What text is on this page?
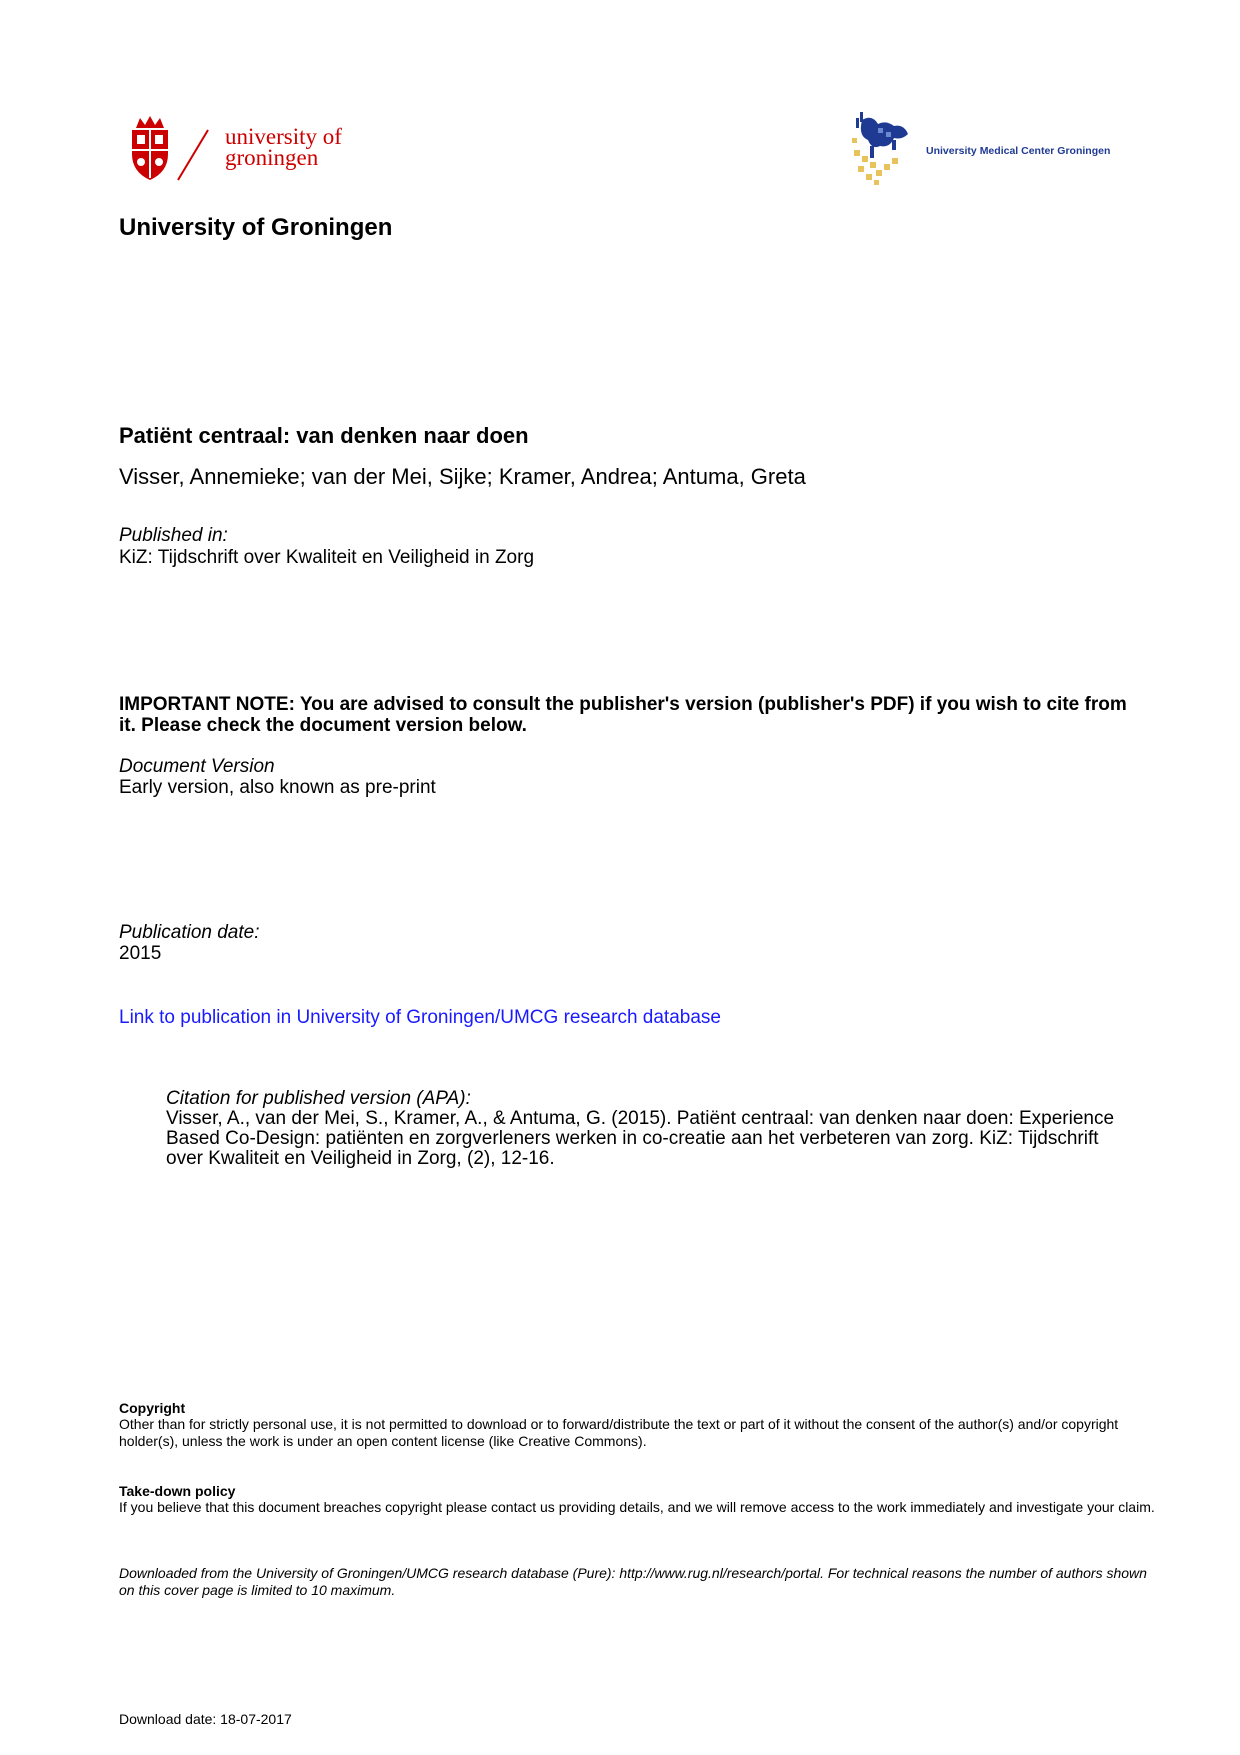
university of
groningen	University Medical Center Groningen
University of Groningen
Patiënt centraal: van denken naar doen
Visser, Annemieke; van der Mei, Sijke; Kramer, Andrea; Antuma, Greta
Published in:
KiZ: Tijdschrift over Kwaliteit en Veiligheid in Zorg
IMPORTANT NOTE: You are advised to consult the publisher's version (publisher's PDF) if you wish to cite from it. Please check the document version below.
Document Version
Early version, also known as pre-print
Publication date:
2015
Link to publication in University of Groningen/UMCG research database
Citation for published version (APA):
Visser, A., van der Mei, S., Kramer, A., & Antuma, G. (2015). Patiënt centraal: van denken naar doen: Experience Based Co-Design: patiënten en zorgverleners werken in co-creatie aan het verbeteren van zorg. KiZ: Tijdschrift over Kwaliteit en Veiligheid in Zorg, (2), 12-16.
Copyright
Other than for strictly personal use, it is not permitted to download or to forward/distribute the text or part of it without the consent of the author(s) and/or copyright holder(s), unless the work is under an open content license (like Creative Commons).
Take-down policy
If you believe that this document breaches copyright please contact us providing details, and we will remove access to the work immediately and investigate your claim.
Downloaded from the University of Groningen/UMCG research database (Pure): http://www.rug.nl/research/portal. For technical reasons the number of authors shown on this cover page is limited to 10 maximum.
Download date: 18-07-2017
